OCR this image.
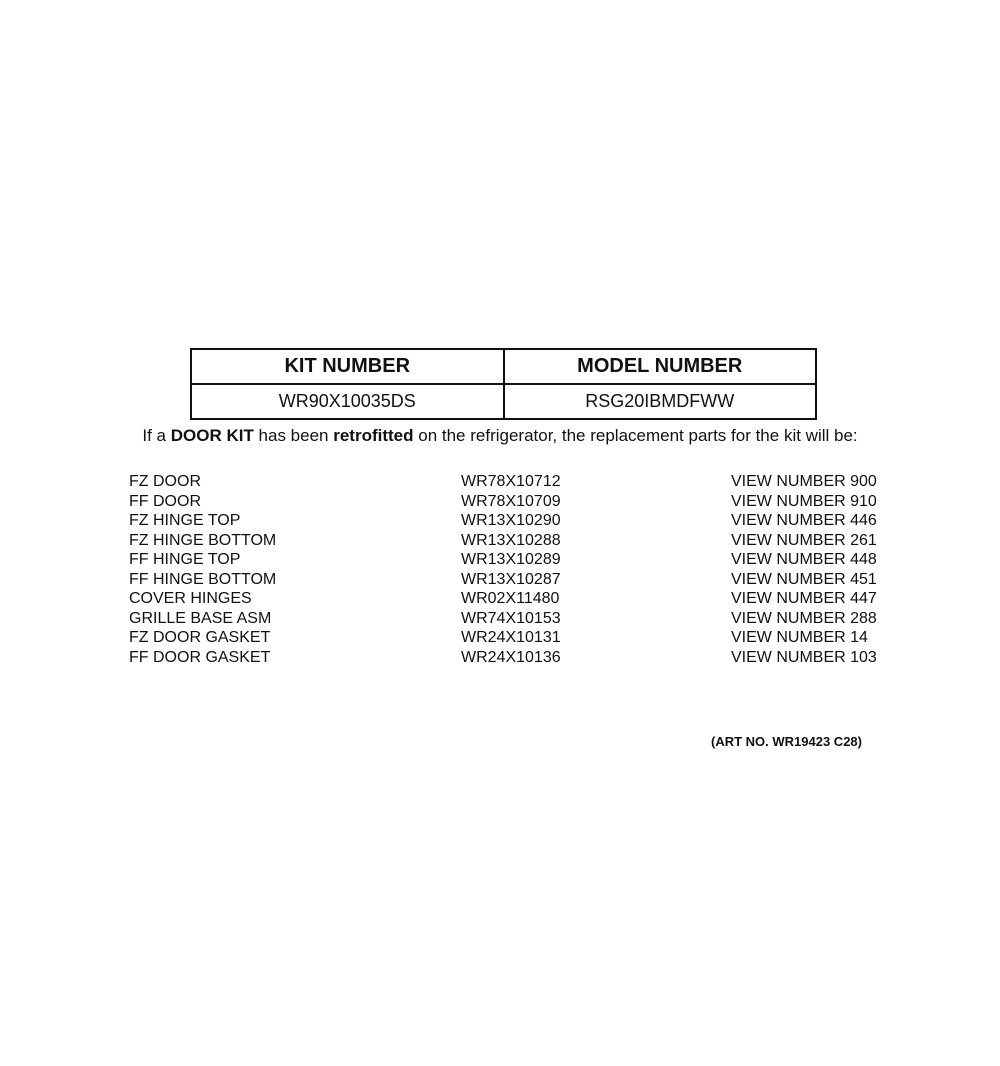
KIT NUMBER	MODEL NUMBER
WR90X10035DS	RSG20IBMDFWW
If a DOOR KIT has been retrofitted on the refrigerator, the replacement parts for the kit will be:
FZ DOOR	WR78X10712	VIEW NUMBER 900
FF DOOR	WR78X10709	VIEW NUMBER 910
FZ HINGE TOP	WR13X10290	VIEW NUMBER 446
FZ HINGE BOTTOM	WR13X10288	VIEW NUMBER 261
FF HINGE TOP	WR13X10289	VIEW NUMBER 448
FF HINGE BOTTOM	WR13X10287	VIEW NUMBER 451
COVER HINGES	WR02X11480	VIEW NUMBER 447
GRILLE BASE ASM	WR74X10153	VIEW NUMBER 288
FZ DOOR GASKET	WR24X10131	VIEW NUMBER 14
FF DOOR GASKET	WR24X10136	VIEW NUMBER 103
(ART NO. WR19423 C28)
